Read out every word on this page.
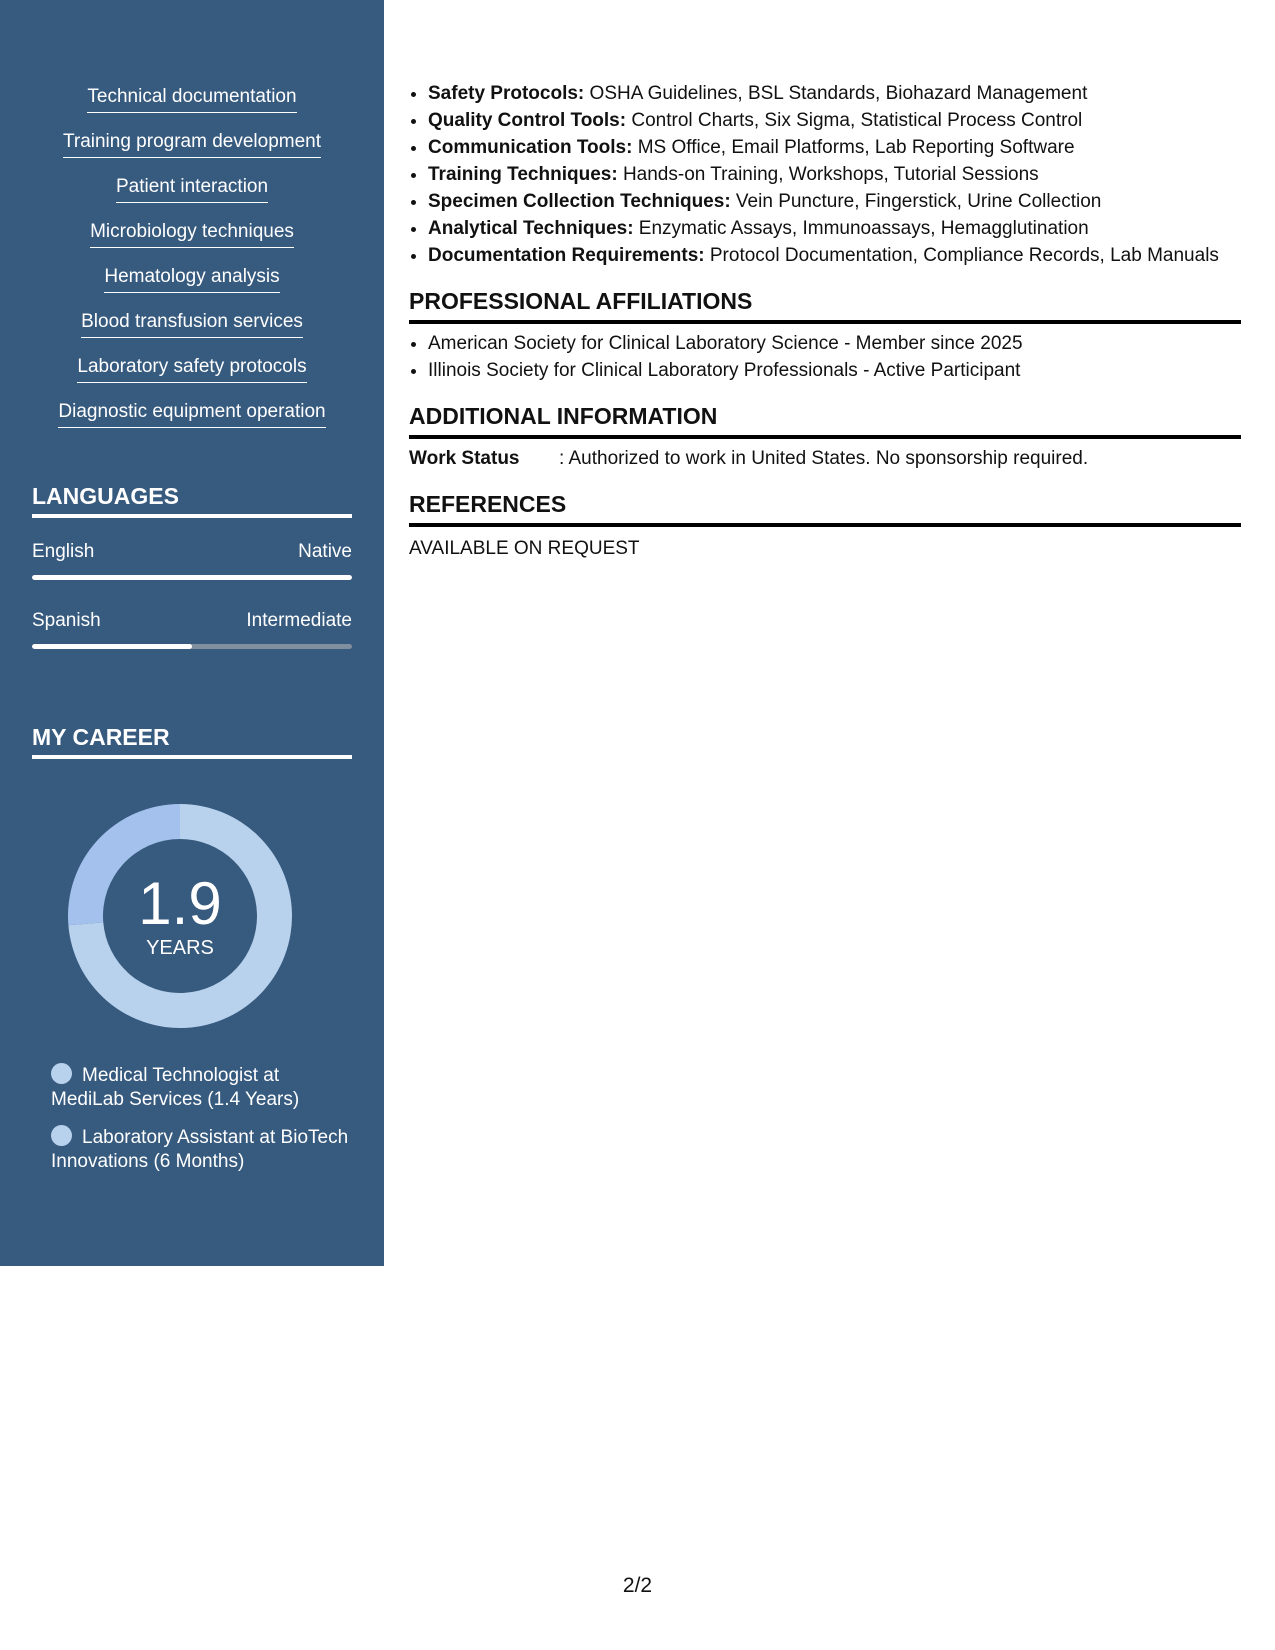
Technical documentation
Training program development
Patient interaction
Microbiology techniques
Hematology analysis
Blood transfusion services
Laboratory safety protocols
Diagnostic equipment operation
LANGUAGES
English	Native
Spanish	Intermediate
MY CAREER
1.9
YEARS
Medical Technologist at MediLab Services (1.4 Years)
Laboratory Assistant at BioTech Innovations (6 Months)
• Safety Protocols: OSHA Guidelines, BSL Standards, Biohazard Management
• Quality Control Tools: Control Charts, Six Sigma, Statistical Process Control
• Communication Tools: MS Office, Email Platforms, Lab Reporting Software
• Training Techniques: Hands-on Training, Workshops, Tutorial Sessions
• Specimen Collection Techniques: Vein Puncture, Fingerstick, Urine Collection
• Analytical Techniques: Enzymatic Assays, Immunoassays, Hemagglutination
• Documentation Requirements: Protocol Documentation, Compliance Records, Lab Manuals
PROFESSIONAL AFFILIATIONS
• American Society for Clinical Laboratory Science - Member since 2025
• Illinois Society for Clinical Laboratory Professionals - Active Participant
ADDITIONAL INFORMATION
Work Status	: Authorized to work in United States. No sponsorship required.
REFERENCES
AVAILABLE ON REQUEST
2/2
